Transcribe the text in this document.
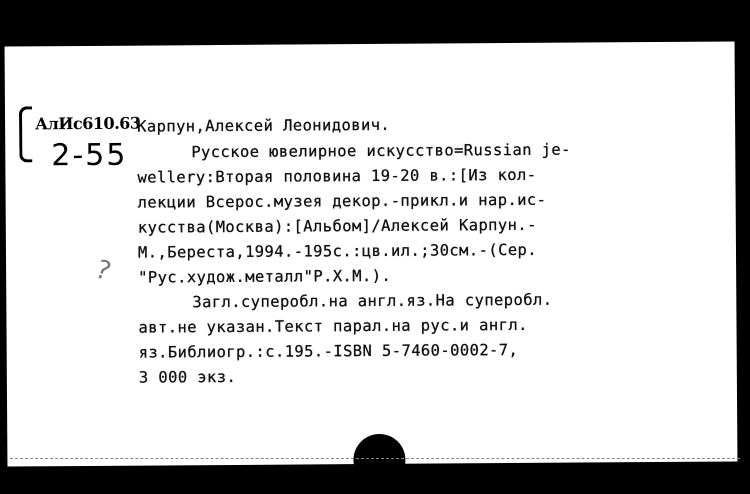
АлИс610.63
2-55
Карпун,Алексей Леонидович.
Русское ювелирное искусство=Russian je-
wellery:Вторая половина 19-20 в.:[Из кол-
лекции Всерос.музея декор.-прикл.и нар.ис-
кусства(Москва):[Альбом]/Алексей Карпун.-
М.,Береста,1994.-195с.:цв.ил.;30см.-(Сер.
"Рус.худож.металл"Р.Х.М.).
Загл.суперобл.на англ.яз.На суперобл.
авт.не указан.Текст парал.на рус.и англ.
яз.Библиогр.:с.195.-ISBN 5-7460-0002-7,
3 000 экз.
?
10.VII.97.4
